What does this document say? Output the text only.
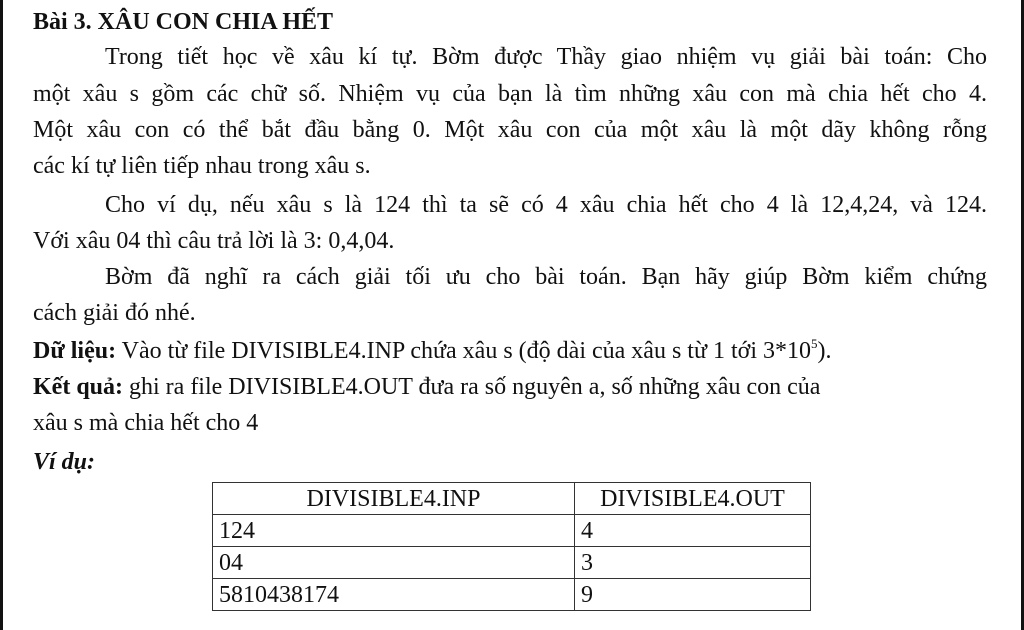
Bài 3. XÂU CON CHIA HẾT
Trong tiết học về xâu kí tự. Bờm được Thầy giao nhiệm vụ giải bài toán: Cho
một xâu s gồm các chữ số. Nhiệm vụ của bạn là tìm những xâu con mà chia hết cho 4.
Một xâu con có thể bắt đầu bằng 0. Một xâu con của một xâu là một dãy không rỗng
các kí tự liên tiếp nhau trong xâu s.
Cho ví dụ, nếu xâu s là 124 thì ta sẽ có 4 xâu chia hết cho 4 là 12,4,24, và 124.
Với xâu 04 thì câu trả lời là 3: 0,4,04.
Bờm đã nghĩ ra cách giải tối ưu cho bài toán. Bạn hãy giúp Bờm kiểm chứng
cách giải đó nhé.
Dữ liệu: Vào từ file DIVISIBLE4.INP chứa xâu s (độ dài của xâu s từ 1 tới $3*10^5$).
Kết quả: ghi ra file DIVISIBLE4.OUT đưa ra số nguyên a, số những xâu con của
xâu s mà chia hết cho 4
Ví dụ:
DIVISIBLE4.INP	DIVISIBLE4.OUT
124	4
04	3
5810438174	9
